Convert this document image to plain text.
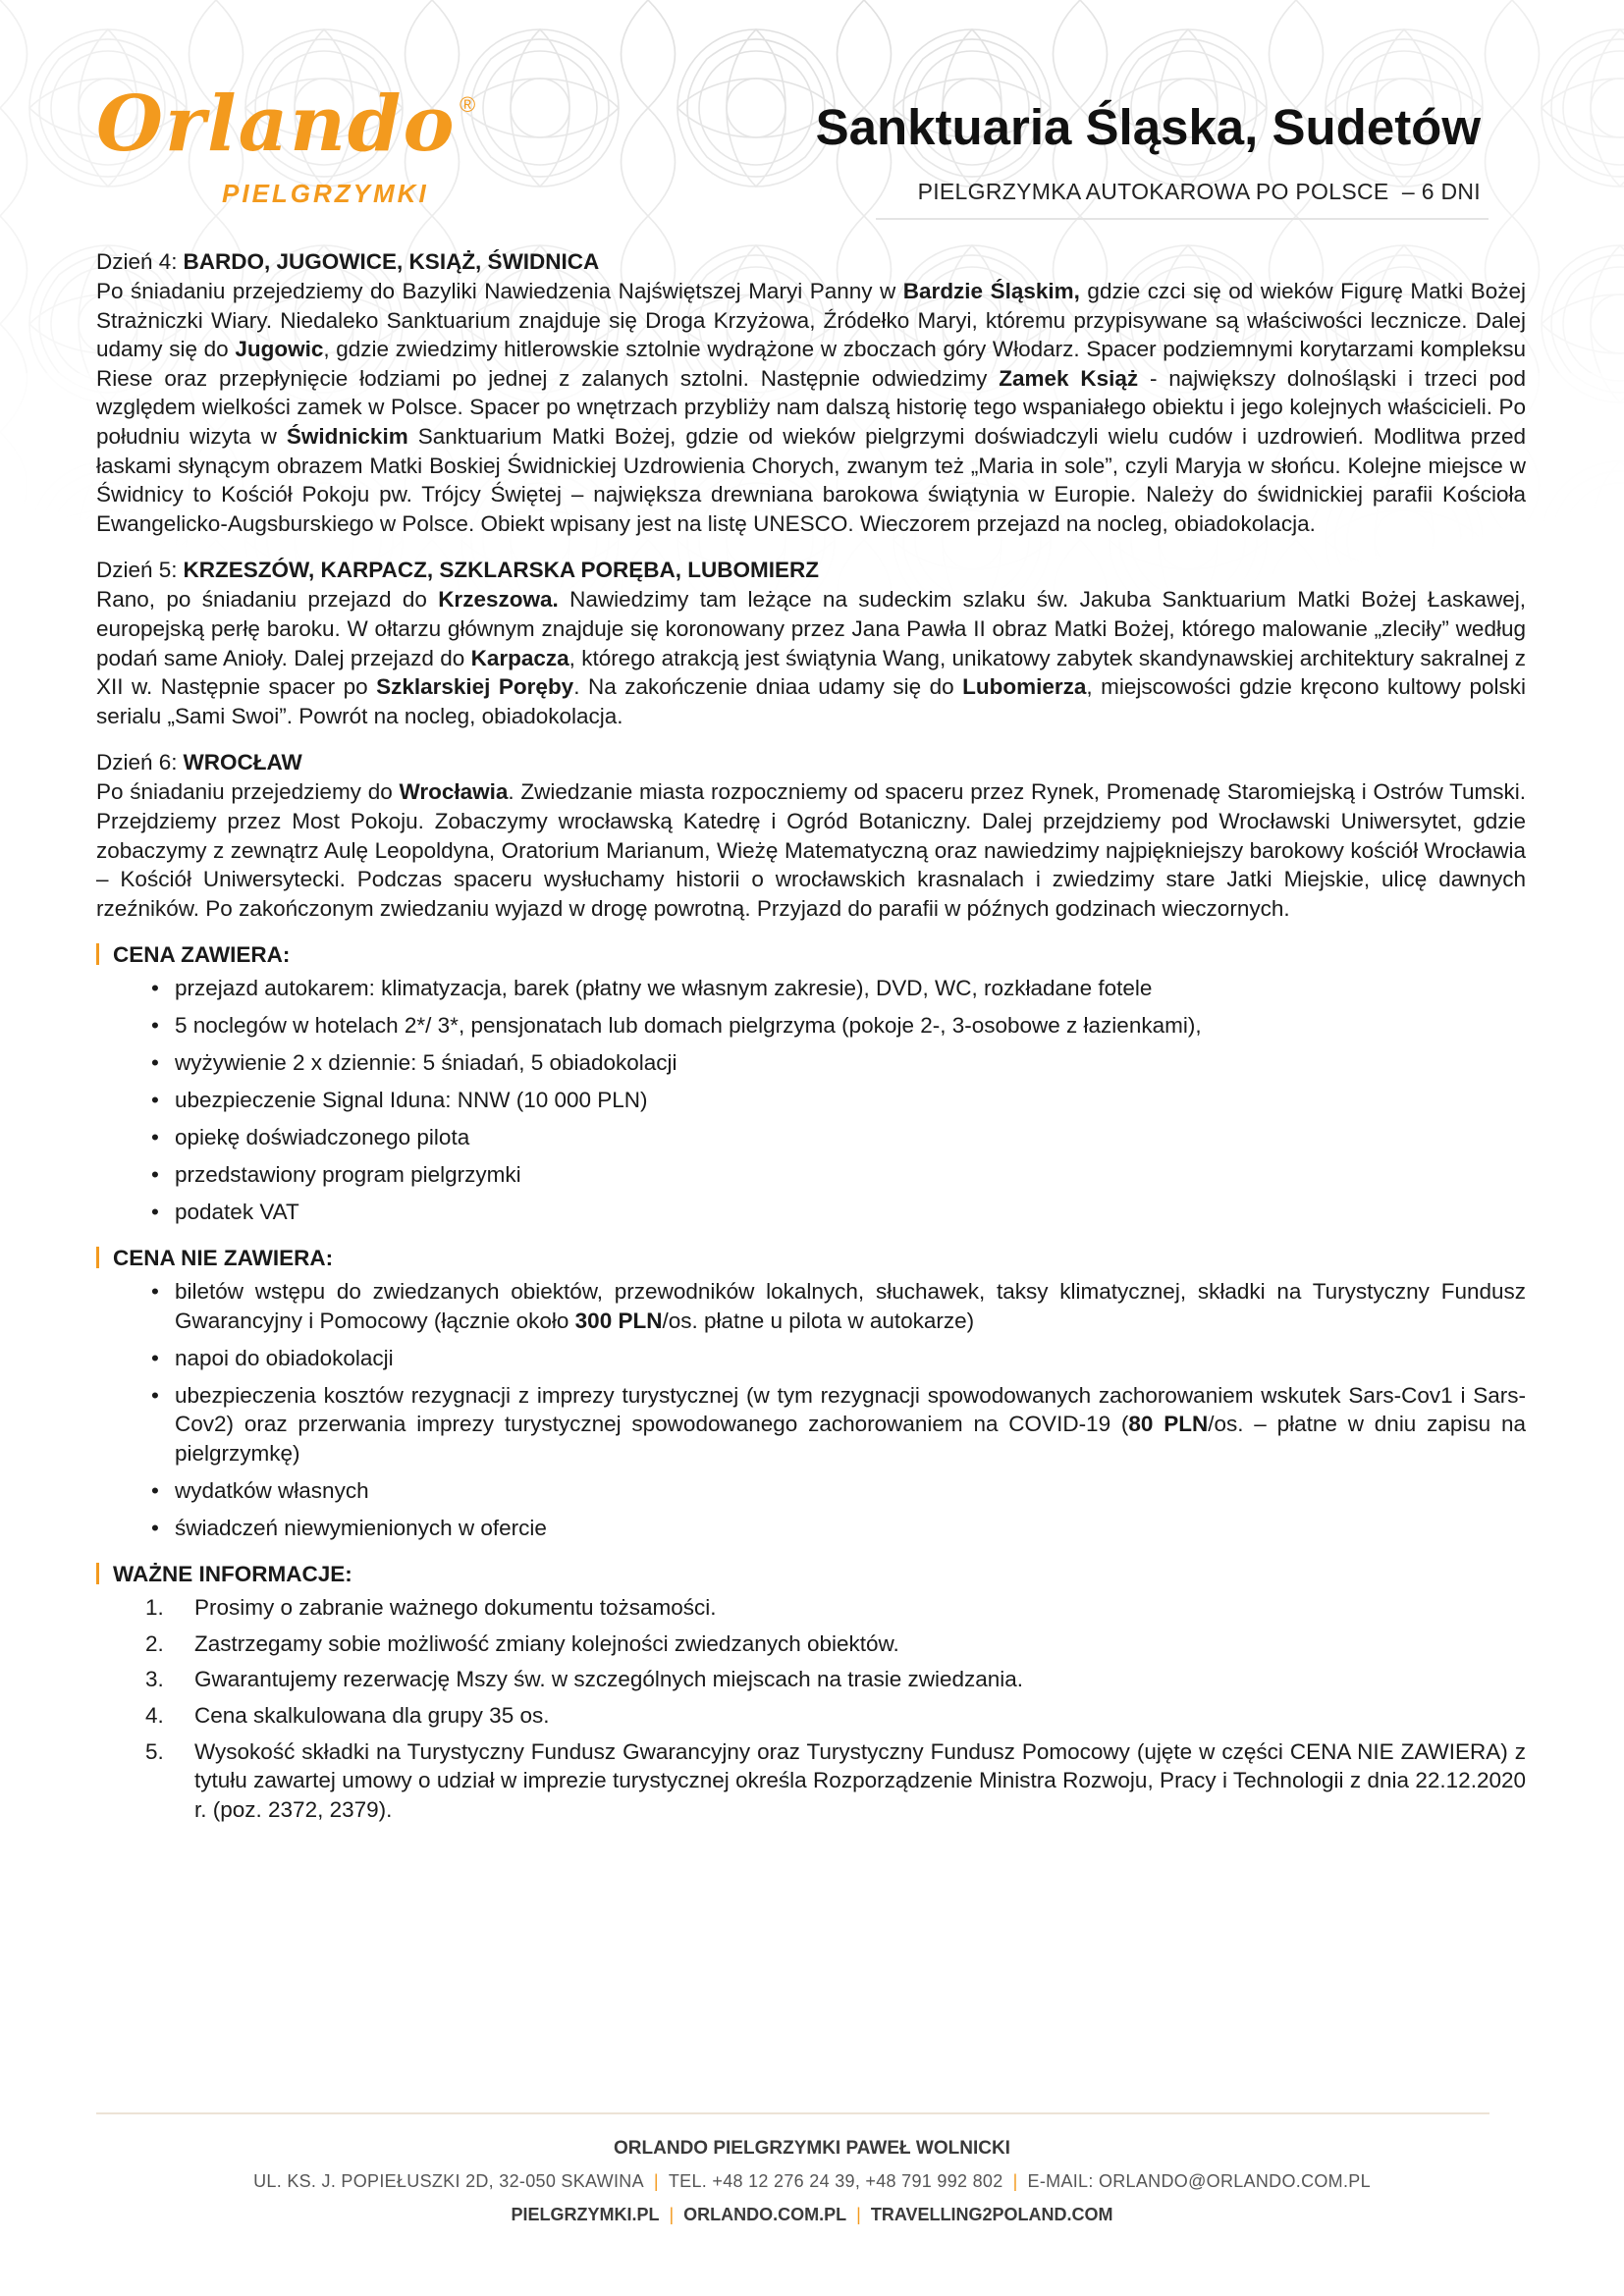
Orlando ®
PIELGRZYMKI
Sanktuaria Śląska, Sudetów
PIELGRZYMKA AUTOKAROWA PO POLSCE  – 6 DNI
Dzień 4: BARDO, JUGOWICE, KSIĄŻ, ŚWIDNICA

Po śniadaniu przejedziemy do Bazyliki Nawiedzenia Najświętszej Maryi Panny w Bardzie Śląskim, gdzie czci się od wieków Figurę Matki Bożej Strażniczki Wiary. Niedaleko Sanktuarium znajduje się Droga Krzyżowa, Źródełko Maryi, któremu przypisywane są właściwości lecznicze. Dalej udamy się do Jugowic, gdzie zwiedzimy hitlerowskie sztolnie wydrążone w zboczach góry Włodarz. Spacer podziemnymi korytarzami kompleksu Riese oraz przepłynięcie łodziami po jednej z zalanych sztolni. Następnie odwiedzimy Zamek Książ - największy dolnośląski i trzeci pod względem wielkości zamek w Polsce. Spacer po wnętrzach przybliży nam dalszą historię tego wspaniałego obiektu i jego kolejnych właścicieli. Po południu wizyta w Świdnickim Sanktuarium Matki Bożej, gdzie od wieków pielgrzymi doświadczyli wielu cudów i uzdrowień. Modlitwa przed łaskami słynącym obrazem Matki Boskiej Świdnickiej Uzdrowienia Chorych, zwanym też „Maria in sole”, czyli Maryja w słońcu. Kolejne miejsce w Świdnicy to Kościół Pokoju pw. Trójcy Świętej – największa drewniana barokowa świątynia w Europie. Należy do świdnickiej parafii Kościoła Ewangelicko-Augsburskiego w Polsce. Obiekt wpisany jest na listę UNESCO. Wieczorem przejazd na nocleg, obiadokolacja.

Dzień 5: KRZESZÓW, KARPACZ, SZKLARSKA PORĘBA, LUBOMIERZ

Rano, po śniadaniu przejazd do Krzeszowa. Nawiedzimy tam leżące na sudeckim szlaku św. Jakuba Sanktuarium Matki Bożej Łaskawej, europejską perłę baroku. W ołtarzu głównym znajduje się koronowany przez Jana Pawła II obraz Matki Bożej, którego malowanie „zleciły” według podań same Anioły. Dalej przejazd do Karpacza, którego atrakcją jest świątynia Wang, unikatowy zabytek skandynawskiej architektury sakralnej z XII w. Następnie spacer po Szklarskiej Poręby. Na zakończenie dniaa udamy się do Lubomierza, miejscowości gdzie kręcono kultowy polski serialu „Sami Swoi”. Powrót na nocleg, obiadokolacja.

Dzień 6: WROCŁAW

Po śniadaniu przejedziemy do Wrocławia. Zwiedzanie miasta rozpoczniemy od spaceru przez Rynek, Promenadę Staromiejską i Ostrów Tumski. Przejdziemy przez Most Pokoju. Zobaczymy wrocławską Katedrę i Ogród Botaniczny. Dalej przejdziemy pod Wrocławski Uniwersytet, gdzie zobaczymy z zewnątrz Aulę Leopoldyna, Oratorium Marianum, Wieżę Matematyczną oraz nawiedzimy najpiękniejszy barokowy kościół Wrocławia – Kościół Uniwersytecki. Podczas spaceru wysłuchamy historii o wrocławskich krasnalach i zwiedzimy stare Jatki Miejskie, ulicę dawnych rzeźników. Po zakończonym zwiedzaniu wyjazd w drogę powrotną. Przyjazd do parafii w późnych godzinach wieczornych.

CENA ZAWIERA:
• przejazd autokarem: klimatyzacja, barek (płatny we własnym zakresie), DVD, WC, rozkładane fotele
• 5 noclegów w hotelach 2*/ 3*, pensjonatach lub domach pielgrzyma (pokoje 2-, 3-osobowe z łazienkami),
• wyżywienie 2 x dziennie: 5 śniadań, 5 obiadokolacji
• ubezpieczenie Signal Iduna: NNW (10 000 PLN)
• opiekę doświadczonego pilota
• przedstawiony program pielgrzymki
• podatek VAT
CENA NIE ZAWIERA:
• biletów wstępu do zwiedzanych obiektów, przewodników lokalnych, słuchawek, taksy klimatycznej, składki na Turystyczny Fundusz Gwarancyjny i Pomocowy (łącznie około 300 PLN/os. płatne u pilota w autokarze)
• napoi do obiadokolacji
• ubezpieczenia kosztów rezygnacji z imprezy turystycznej (w tym rezygnacji spowodowanych zachorowaniem wskutek Sars-Cov1 i Sars-Cov2) oraz przerwania imprezy turystycznej spowodowanego zachorowaniem na COVID-19 (80 PLN/os. – płatne w dniu zapisu na pielgrzymkę)
• wydatków własnych
• świadczeń niewymienionych w ofercie
WAŻNE INFORMACJE:
1. Prosimy o zabranie ważnego dokumentu tożsamości.
2. Zastrzegamy sobie możliwość zmiany kolejności zwiedzanych obiektów.
3. Gwarantujemy rezerwację Mszy św. w szczególnych miejscach na trasie zwiedzania.
4. Cena skalkulowana dla grupy 35 os.
5. Wysokość składki na Turystyczny Fundusz Gwarancyjny oraz Turystyczny Fundusz Pomocowy (ujęte w części CENA NIE ZAWIERA) z tytułu zawartej umowy o udział w imprezie turystycznej określa Rozporządzenie Ministra Rozwoju, Pracy i Technologii z dnia 22.12.2020 r. (poz. 2372, 2379).
ORLANDO PIELGRZYMKI PAWEŁ WOLNICKI
UL. KS. J. POPIEŁUSZKI 2D, 32-050 SKAWINA | TEL. +48 12 276 24 39, +48 791 992 802 | E-MAIL: ORLANDO@ORLANDO.COM.PL
PIELGRZYMKI.PL | ORLANDO.COM.PL | TRAVELLING2POLAND.COM
